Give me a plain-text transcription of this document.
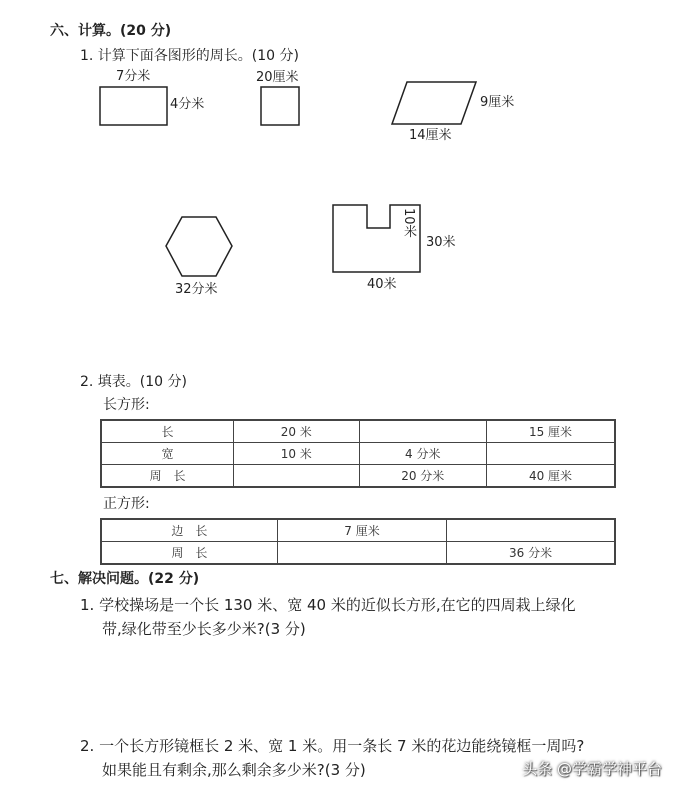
六、计算。(20 分)
1. 计算下面各图形的周长。(10 分)
7分米
4分米
20厘米
9厘米
14厘米
32分米
10米
30米
40米
2. 填表。(10 分)
长方形:
长	20 米		15 厘米
宽	10 米	4 分米	
周　长		20 分米	40 厘米
正方形:
边　长	7 厘米	
周　长		36 分米
七、解决问题。(22 分)
1. 学校操场是一个长 130 米、宽 40 米的近似长方形,在它的四周栽上绿化
带,绿化带至少长多少米?(3 分)
2. 一个长方形镜框长 2 米、宽 1 米。用一条长 7 米的花边能绕镜框一周吗?
如果能且有剩余,那么剩余多少米?(3 分)	头条 @学霸学神平台
